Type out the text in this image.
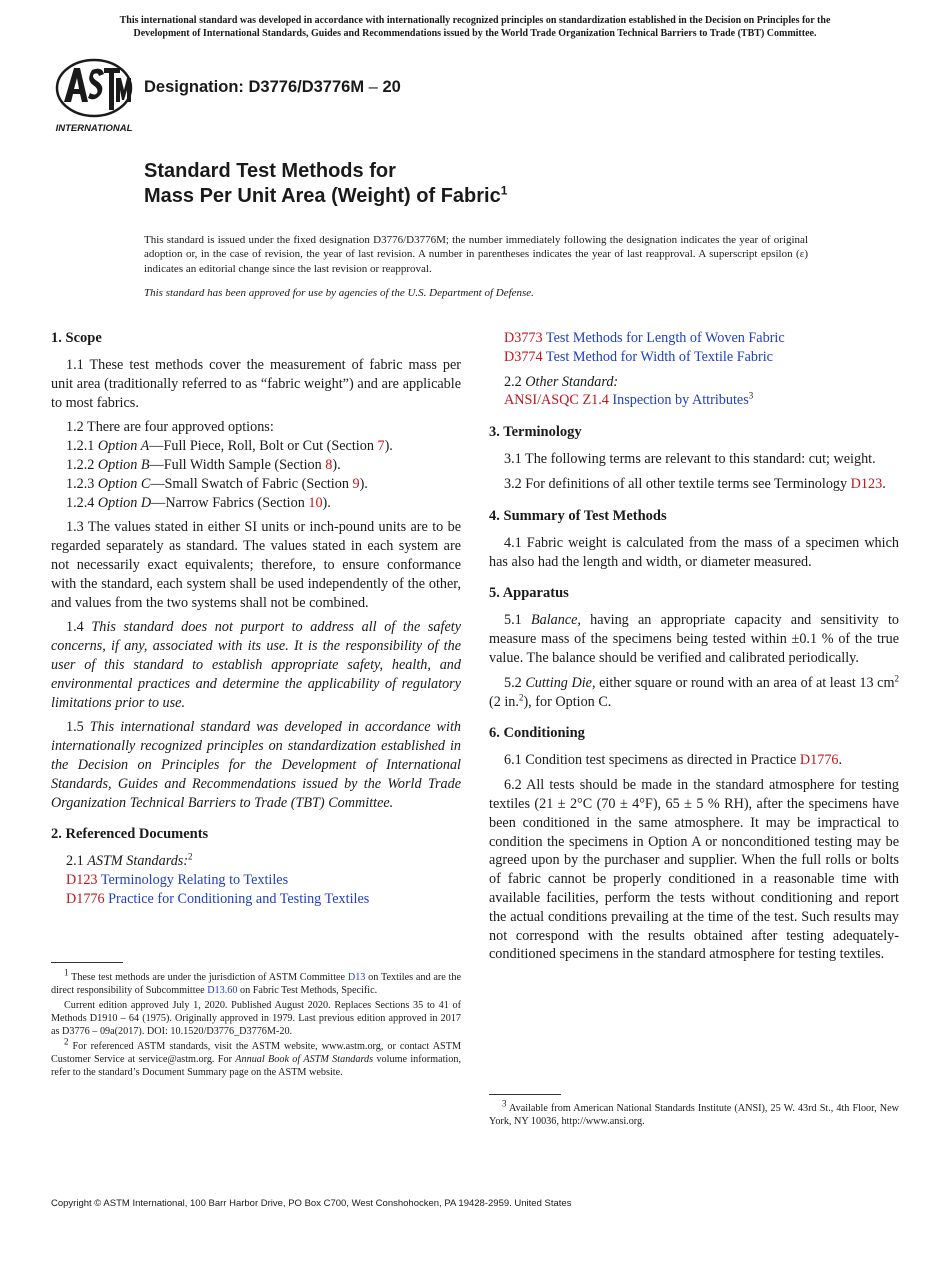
This international standard was developed in accordance with internationally recognized principles on standardization established in the Decision on Principles for the
Development of International Standards, Guides and Recommendations issued by the World Trade Organization Technical Barriers to Trade (TBT) Committee.
INTERNATIONAL
Designation: D3776/D3776M – 20
Standard Test Methods for
Mass Per Unit Area (Weight) of Fabric$^1$
This standard is issued under the fixed designation D3776/D3776M; the number immediately following the designation indicates the year of original adoption or, in the case of revision, the year of last revision. A number in parentheses indicates the year of last reapproval. A superscript epsilon (ε) indicates an editorial change since the last revision or reapproval.
This standard has been approved for use by agencies of the U.S. Department of Defense.
1. Scope

1.1 These test methods cover the measurement of fabric mass per unit area (traditionally referred to as “fabric weight”) and are applicable to most fabrics.

1.2 There are four approved options:

1.2.1 Option A—Full Piece, Roll, Bolt or Cut (Section 7).
1.2.2 Option B—Full Width Sample (Section 8).
1.2.3 Option C—Small Swatch of Fabric (Section 9).
1.2.4 Option D—Narrow Fabrics (Section 10).

1.3 The values stated in either SI units or inch-pound units are to be regarded separately as standard. The values stated in each system are not necessarily exact equivalents; therefore, to ensure conformance with the standard, each system shall be used independently of the other, and values from the two systems shall not be combined.

1.4 This standard does not purport to address all of the safety concerns, if any, associated with its use. It is the responsibility of the user of this standard to establish appropriate safety, health, and environmental practices and determine the applicability of regulatory limitations prior to use.

1.5 This international standard was developed in accordance with internationally recognized principles on standardization established in the Decision on Principles for the Development of International Standards, Guides and Recommendations issued by the World Trade Organization Technical Barriers to Trade (TBT) Committee.

2. Referenced Documents
2.1 ASTM Standards:$^2$
D123 Terminology Relating to Textiles
D1776 Practice for Conditioning and Testing Textiles

$^1$ These test methods are under the jurisdiction of ASTM Committee D13 on Textiles and are the direct responsibility of Subcommittee D13.60 on Fabric Test Methods, Specific.

Current edition approved July 1, 2020. Published August 2020. Replaces Sections 35 to 41 of Methods D1910 – 64 (1975). Originally approved in 1979. Last previous edition approved in 2017 as D3776 – 09a(2017). DOI: 10.1520/D3776_D3776M-20.

$^2$ For referenced ASTM standards, visit the ASTM website, www.astm.org, or contact ASTM Customer Service at service@astm.org. For Annual Book of ASTM Standards volume information, refer to the standard’s Document Summary page on the ASTM website.

D3773 Test Methods for Length of Woven Fabric
D3774 Test Method for Width of Textile Fabric
2.2 Other Standard:
ANSI/ASQC Z1.4 Inspection by Attributes$^3$
3. Terminology

3.1 The following terms are relevant to this standard: cut; weight.

3.2 For definitions of all other textile terms see Terminology D123.

4. Summary of Test Methods

4.1 Fabric weight is calculated from the mass of a specimen which has also had the length and width, or diameter measured.

5. Apparatus

5.1 Balance, having an appropriate capacity and sensitivity to measure mass of the specimens being tested within ±0.1 % of the true value. The balance should be verified and calibrated periodically.

5.2 Cutting Die, either square or round with an area of at least 13 $cm^2$ (2 in.$^2$), for Option C.

6. Conditioning

6.1 Condition test specimens as directed in Practice D1776.

6.2 All tests should be made in the standard atmosphere for testing textiles (21 ± 2°C (70 ± 4°F), 65 ± 5 % RH), after the specimens have been conditioned in the same atmosphere. It may be impractical to condition the specimens in Option A or nonconditioned testing may be agreed upon by the purchaser and supplier. When the full rolls or bolts of fabric cannot be properly conditioned in a reasonable time with available facilities, perform the tests without conditioning and report the actual conditions prevailing at the time of the test. Such results may not correspond with the results obtained after testing adequately-conditioned specimens in the standard atmosphere for testing textiles.

$^3$ Available from American National Standards Institute (ANSI), 25 W. 43rd St., 4th Floor, New York, NY 10036, http://www.ansi.org.

Copyright © ASTM International, 100 Barr Harbor Drive, PO Box C700, West Conshohocken, PA 19428-2959. United States
